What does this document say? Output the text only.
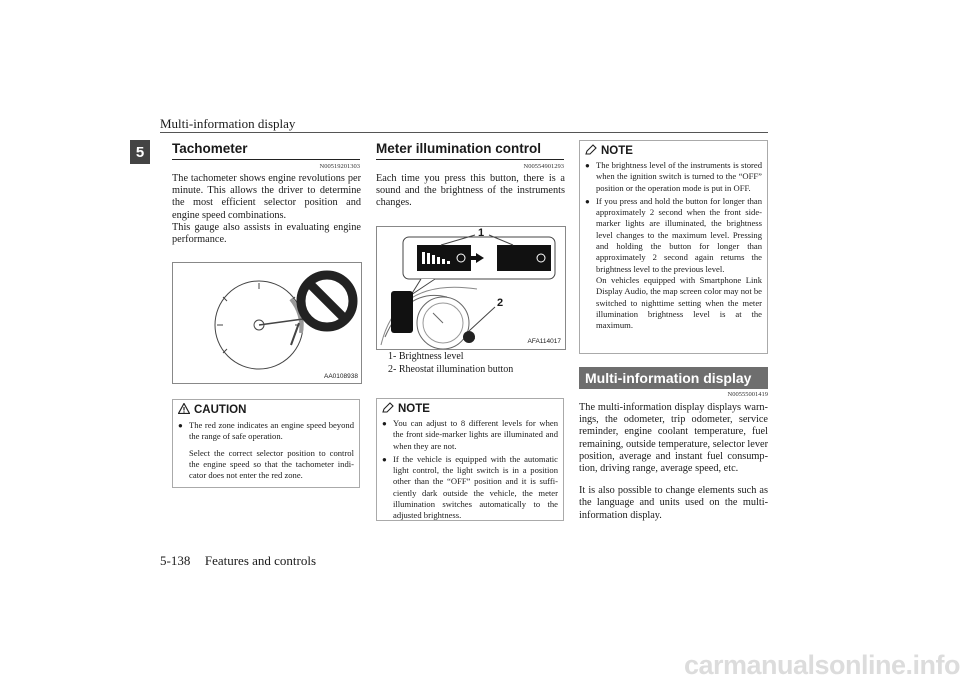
Multi-information display
5	Tachometer
N00519201303
The tachometer shows engine revolutions per minute. This allows the driver to determine the most efficient selector position and engine speed combinations.
This gauge also assists in evaluating engine performance.
AA0108938
CAUTION

● The red zone indicates an engine speed beyond the range of safe operation.

Select the correct selector position to control the engine speed so that the tachometer indi-cator does not enter the red zone.

Meter illumination control
N00554901293
Each time you press this button, there is a sound and the brightness of the instruments changes.
1
2
AFA114017
1- Brightness level
2- Rheostat illumination button
NOTE
● You can adjust to 8 different levels for when the front side-marker lights are illuminated and when they are not.
● If the vehicle is equipped with the automatic light control, the light switch is in a position other than the “OFF” position and it is suffi-ciently dark outside the vehicle, the meter illumination switches automatically to the adjusted brightness.
NOTE
● The brightness level of the instruments is stored when the ignition switch is turned to the “OFF” position or the operation mode is put in OFF.

● If you press and hold the button for longer than approximately 2 second when the front side-marker lights are illuminated, the brightness level changes to the maximum level. Pressing and holding the button for longer than approximately 2 second again returns the brightness level to the previous level.

On vehicles equipped with Smartphone Link Display Audio, the map screen color may not be switched to nighttime setting when the meter illumination brightness level is at the maximum.

Multi-information display
N00555001419
The multi-information display displays warn-ings, the odometer, trip odometer, service reminder, engine coolant temperature, fuel remaining, outside temperature, selector lever position, average and instant fuel consump-tion, driving range, average speed, etc.
It is also possible to change elements such as the language and units used on the multi-information display.
5-138 Features and controls
carmanualsonline.info
